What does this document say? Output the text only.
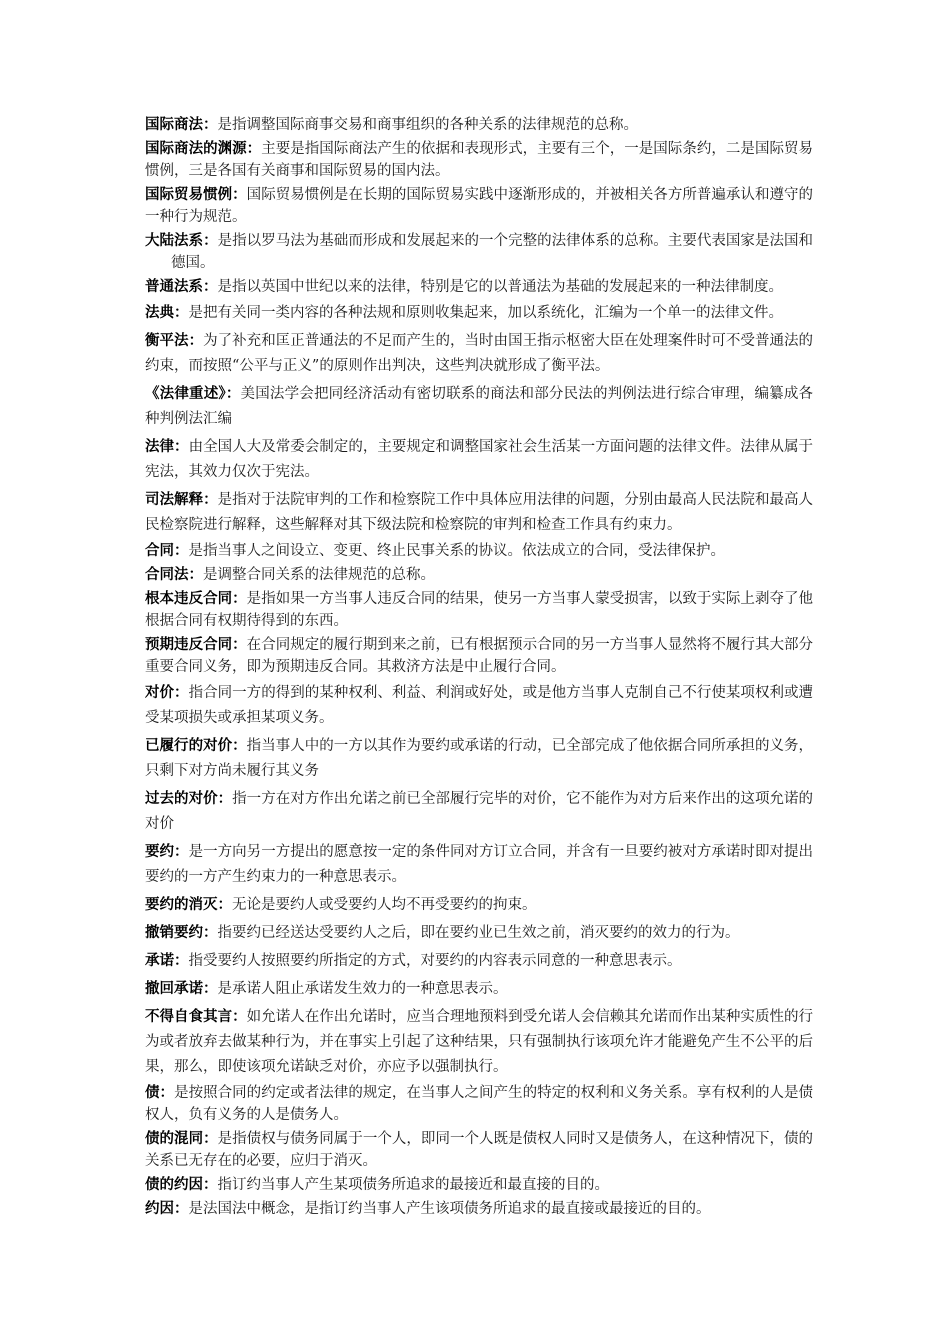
国际商法：是指调整国际商事交易和商事组织的各种关系的法律规范的总称。

国际商法的渊源：主要是指国际商法产生的依据和表现形式，主要有三个，一是国际条约，二是国际贸易惯例，三是各国有关商事和国际贸易的国内法。

国际贸易惯例：国际贸易惯例是在长期的国际贸易实践中逐渐形成的，并被相关各方所普遍承认和遵守的一种行为规范。

大陆法系：是指以罗马法为基础而形成和发展起来的一个完整的法律体系的总称。主要代表国家是法国和德国。

普通法系：是指以英国中世纪以来的法律，特别是它的以普通法为基础的发展起来的一种法律制度。

法典：是把有关同一类内容的各种法规和原则收集起来，加以系统化，汇编为一个单一的法律文件。

衡平法：为了补充和匡正普通法的不足而产生的，当时由国王指示枢密大臣在处理案件时可不受普通法的约束，而按照“公平与正义”的原则作出判决，这些判决就形成了衡平法。

《法律重述》：美国法学会把同经济活动有密切联系的商法和部分民法的判例法进行综合审理，编纂成各种判例法汇编

法律：由全国人大及常委会制定的，主要规定和调整国家社会生活某一方面问题的法律文件。法律从属于宪法，其效力仅次于宪法。

司法解释：是指对于法院审判的工作和检察院工作中具体应用法律的问题，分别由最高人民法院和最高人民检察院进行解释，这些解释对其下级法院和检察院的审判和检查工作具有约束力。

合同：是指当事人之间设立、变更、终止民事关系的协议。依法成立的合同，受法律保护。

合同法：是调整合同关系的法律规范的总称。

根本违反合同：是指如果一方当事人违反合同的结果，使另一方当事人蒙受损害，以致于实际上剥夺了他根据合同有权期待得到的东西。

预期违反合同：在合同规定的履行期到来之前，已有根据预示合同的另一方当事人显然将不履行其大部分重要合同义务，即为预期违反合同。其救济方法是中止履行合同。

对价：指合同一方的得到的某种权利、利益、利润或好处，或是他方当事人克制自己不行使某项权利或遭受某项损失或承担某项义务。

已履行的对价：指当事人中的一方以其作为要约或承诺的行动，已全部完成了他依据合同所承担的义务，只剩下对方尚未履行其义务

过去的对价：指一方在对方作出允诺之前已全部履行完毕的对价，它不能作为对方后来作出的这项允诺的对价

要约：是一方向另一方提出的愿意按一定的条件同对方订立合同，并含有一旦要约被对方承诺时即对提出要约的一方产生约束力的一种意思表示。

要约的消灭：无论是要约人或受要约人均不再受要约的拘束。

撤销要约：指要约已经送达受要约人之后，即在要约业已生效之前，消灭要约的效力的行为。

承诺：指受要约人按照要约所指定的方式，对要约的内容表示同意的一种意思表示。

撤回承诺：是承诺人阻止承诺发生效力的一种意思表示。

不得自食其言：如允诺人在作出允诺时，应当合理地预料到受允诺人会信赖其允诺而作出某种实质性的行为或者放弃去做某种行为，并在事实上引起了这种结果，只有强制执行该项允许才能避免产生不公平的后果，那么，即使该项允诺缺乏对价，亦应予以强制执行。

债：是按照合同的约定或者法律的规定，在当事人之间产生的特定的权利和义务关系。享有权利的人是债权人，负有义务的人是债务人。

债的混同：是指债权与债务同属于一个人，即同一个人既是债权人同时又是债务人，在这种情况下，债的关系已无存在的必要，应归于消灭。

债的约因：指订约当事人产生某项债务所追求的最接近和最直接的目的。

约因：是法国法中概念，是指订约当事人产生该项债务所追求的最直接或最接近的目的。
